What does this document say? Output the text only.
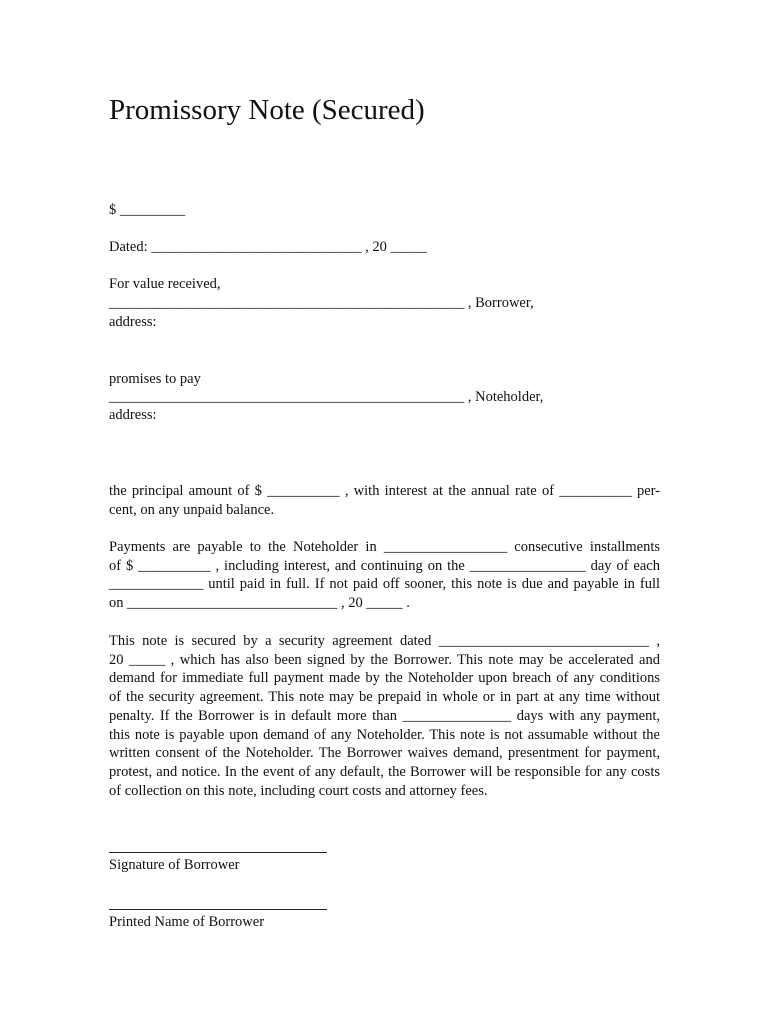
Promissory Note (Secured)
$ _________
Dated: _____________________________ , 20 _____
For value received,
_________________________________________________ , Borrower,
address:
promises to pay
_________________________________________________ , Noteholder,
address:
the principal amount of $ __________ , with interest at the annual rate of __________ per-
cent, on any unpaid balance.
Payments are payable to the Noteholder in _________________ consecutive installments
of $ __________ , including interest, and continuing on the ________________ day of each
_____________ until paid in full. If not paid off sooner, this note is due and payable in full
on _____________________________ , 20 _____ .
This note is secured by a security agreement dated _____________________________ ,
20 _____ , which has also been signed by the Borrower. This note may be accelerated and
demand for immediate full payment made by the Noteholder upon breach of any conditions
of the security agreement. This note may be prepaid in whole or in part at any time without
penalty. If the Borrower is in default more than _______________ days with any payment,
this note is payable upon demand of any Noteholder. This note is not assumable without the
written consent of the Noteholder. The Borrower waives demand, presentment for payment,
protest, and notice. In the event of any default, the Borrower will be responsible for any costs
of collection on this note, including court costs and attorney fees.
Signature of Borrower
Printed Name of Borrower
